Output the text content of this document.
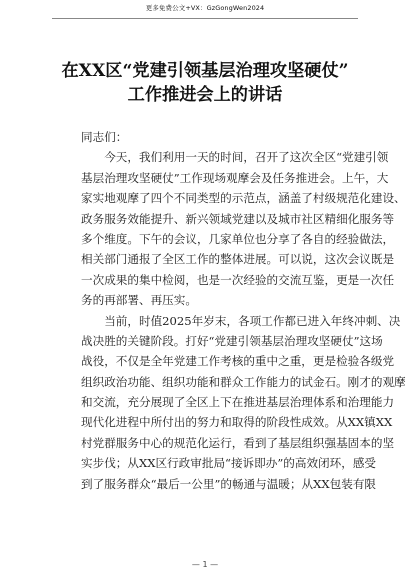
更多免费公文+VX：GzGongWen2024
在XX区“党建引领基层治理攻坚硬仗”
工作推进会上的讲话
同志们：
　　今天，我们利用一天的时间，召开了这次全区“党建引领
基层治理攻坚硬仗”工作现场观摩会及任务推进会。上午，大
家实地观摩了四个不同类型的示范点，涵盖了村级规范化建设、
政务服务效能提升、新兴领域党建以及城市社区精细化服务等
多个维度。下午的会议，几家单位也分享了各自的经验做法，
相关部门通报了全区工作的整体进展。可以说，这次会议既是
一次成果的集中检阅，也是一次经验的交流互鉴，更是一次任
务的再部署、再压实。
　　当前，时值2025年岁末，各项工作都已进入年终冲刺、决
战决胜的关键阶段。打好“党建引领基层治理攻坚硬仗”这场
战役，不仅是全年党建工作考核的重中之重，更是检验各级党
组织政治功能、组织功能和群众工作能力的试金石。刚才的观摩
和交流，充分展现了全区上下在推进基层治理体系和治理能力
现代化进程中所付出的努力和取得的阶段性成效。从XX镇XX
村党群服务中心的规范化运行，看到了基层组织强基固本的坚
实步伐；从XX区行政审批局“接诉即办”的高效闭环，感受
到了服务群众“最后一公里”的畅通与温暖；从XX包装有限
— 1 —
